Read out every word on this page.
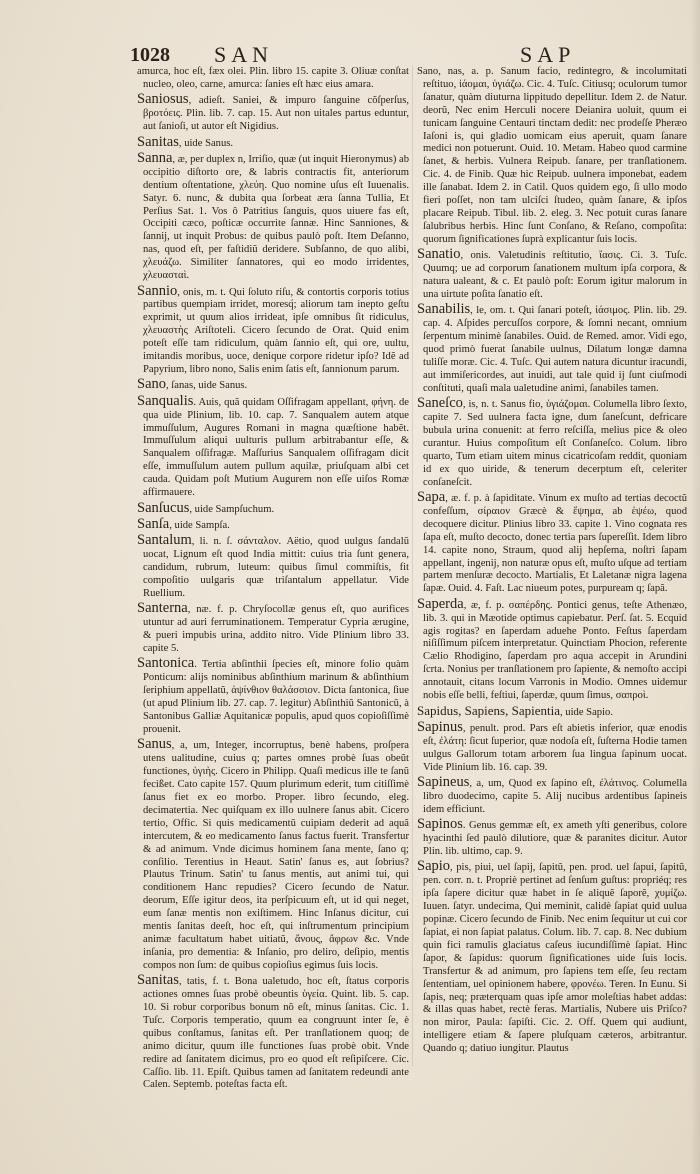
1028 SAN	SAP

amurca, hoc eſt, fæx olei. Plin. libro 15. capite 3. Oliuæ conſtat nucleo, oleo, carne, amurca: ſanies eſt hæc eius amara.

Saniosus, adieſt. Saniei, & impuro ſanguine cõſperſus, βροτόεις. Plin. lib. 7. cap. 15. Aut non uitales partus eduntur, aut ſanioſi, ut autor eſt Nigidius.

Sanitas, uide Sanus.

Sanna, æ, per duplex n, Irriſio, quæ (ut inquit Hieronymus) ab occipitio diſtorto ore, & labris contractis fit, anteriorum dentium oſtentatione, χλεύη. Quo nomine uſus eſt Iuuenalis. Satyr. 6. nunc, & dubita qua ſorbeat æra ſanna Tullia, Et Perſius Sat. 1. Vos ô Patritius ſanguis, quos uiuere fas eſt, Occipiti cæco, poſticæ occurrite ſannæ. Hinc Sanniones, & ſannij, ut inquit Probus: de quibus paulò poſt. Item Deſanno, nas, quod eſt, per faſtidiũ deridere. Subſanno, de quo alibi, χλευάζω. Similiter ſannatores, qui eo modo irridentes, χλευασταὶ.

Sannio, onis, m. t. Qui ſoluto riſu, & contortis corporis totius partibus quempiam irridet, moresq́; aliorum tam inepto geſtu exprimit, ut quum alios irrideat, ipſe omnibus ſit ridiculus, χλευαστὴς Ariſtoteli. Cicero ſecundo de Orat. Quid enim poteſt eſſe tam ridiculum, quàm ſannio eſt, qui ore, uultu, imitandis moribus, uoce, denique corpore ridetur ipſo? Idẽ ad Papyrium, libro nono, Salis enim ſatis eſt, ſannionum parum.

Sano, ſanas, uide Sanus.

Sanqualis. Auis, quã quidam Oſſifragam appellant, φήνη. de qua uide Plinium, lib. 10. cap. 7. Sanqualem autem atque immuſſulum, Augures Romani in magna quæſtione habẽt. Immuſſulum aliqui uulturis pullum arbitrabantur eſſe, & Sanqualem oſſifragæ. Maſſurius Sanqualem oſſifragam dicit eſſe, immuſſulum autem pullum aquilæ, priuſquam albi cet cauda. Quidam poſt Mutium Augurem non eſſe uiſos Romæ affirmauere.

Sanſucus, uide Sampſuchum.

Sanſa, uide Sampſa.

Santalum, li. n. ſ. σάνταλον. Aëtio, quod uulgus ſandalũ uocat, Lignum eſt quod India mittit: cuius tria ſunt genera, candidum, rubrum, luteum: quibus ſimul commiſtis, fit compoſitio uulgaris quæ triſantalum appellatur. Vide Ruellium.

Santerna, næ. f. p. Chryſocollæ genus eſt, quo aurifices utuntur ad auri ferruminationem. Temperatur Cypria ærugine, & pueri impubis urina, addito nitro. Vide Plinium libro 33. capite 5.

Santonica. Tertia abſinthii ſpecies eſt, minore folio quàm Ponticum: alijs nominibus abſinthium marinum & abſinthium ſeriphium appellatũ, ἀψίνθιον θαλάσσιον. Dicta ſantonica, ſiue (ut apud Plinium lib. 27. cap. 7. legitur) Abſinthiũ Santonicũ, à Santonibus Galliæ Aquitanicæ populis, apud quos copioſiſſimè prouenit.

Sanus, a, um, Integer, incorruptus, benè habens, proſpera utens ualitudine, cuius q; partes omnes probè ſuas obeũt functiones, ὑγιὴς. Cicero in Philipp. Quaſi medicus ille te ſanũ fecißet. Cato capite 157. Quum plurimum ederit, tum citiſſimè ſanus fiet ex eo morbo. Proper. libro ſecundo, eleg. decimatertia. Nec quiſquam ex illo uulnere ſanus abit. Cicero tertio, Offic. Si quis medicamentũ cuipiam dederit ad aquã intercutem, & eo medicamento ſanus factus fuerit. Transfertur & ad animum. Vnde dicimus hominem ſana mente, ſano q; conſilio. Terentius in Heaut. Satin' ſanus es, aut ſobrius? Plautus Trinum. Satin' tu ſanus mentis, aut animi tui, qui conditionem Hanc repudies? Cicero ſecundo de Natur. deorum, Eſſe igitur deos, ita perſpicuum eſt, ut id qui neget, eum ſanæ mentis non exiſtimem. Hinc Inſanus dicitur, cui mentis ſanitas deeſt, hoc eſt, qui inſtrumentum principium animæ facultatum habet uitiatũ, ἄνους, ἄφρων &c. Vnde inſania, pro dementia: & Inſanio, pro deliro, deſipio, mentis compos non ſum: de quibus copioſius egimus ſuis locis.

Sanitas, tatis, f. t. Bona ualetudo, hoc eſt, ſtatus corporis actiones omnes ſuas probè obeuntis ὑγεία. Quint. lib. 5. cap. 10. Si robur corporibus bonum nõ eſt, minus ſanitas. Cic. 1. Tuſc. Corporis temperatio, quum ea congruunt inter ſe, è quibus conſtamus, ſanitas eſt. Per tranſlationem quoq; de animo dicitur, quum ille functiones ſuas probè obit. Vnde redire ad ſanitatem dicimus, pro eo quod eſt reſipiſcere. Cic. Caſſio. lib. 11. Epiſt. Quibus tamen ad ſanitatem redeundi ante Calen. Septemb. poteſtas facta eſt.

Sano, nas, a. p. Sanum facio, redintegro, & incolumitati reſtituo, ἰάομαι, ὑγιάζω. Cic. 4. Tuſc. Citiusq; oculorum tumor ſanatur, quàm diuturna lippitudo depellitur. Idem 2. de Natur. deorũ, Nec enim Herculi nocere Deianira uoluit, quum ei tunicam ſanguine Centauri tinctam dedit: nec prodeſſe Pheræo Iaſoni is, qui gladio uomicam eius aperuit, quam ſanare medici non potuerunt. Ouid. 10. Metam. Habeo quod carmine ſanet, & herbis. Vulnera Reipub. ſanare, per tranſlationem. Cic. 4. de Finib. Quæ hic Reipub. uulnera imponebat, eadem ille ſanabat. Idem 2. in Catil. Quos quidem ego, ſi ullo modo fieri poſſet, non tam ulciſci ſtudeo, quàm ſanare, & ipſos placare Reipub. Tibul. lib. 2. eleg. 3. Nec potuit curas ſanare ſalubribus herbis. Hinc ſunt Conſano, & Reſano, compoſita: quorum ſignificationes ſuprà explicantur ſuis locis.

Sanatio, onis. Valetudinis reſtitutio, ἴασις. Ci. 3. Tuſc. Quumq; ue ad corporum ſanationem multum ipſa corpora, & natura ualeant, & c. Et paulò poſt: Eorum igitur malorum in una uirtute poſita ſanatio eſt.

Sanabilis, le, om. t. Qui ſanari poteſt, ἰάσιμος. Plin. lib. 29. cap. 4. Aſpides percuſſos corpore, & ſomni necant, omnium ſerpentum minimè ſanabiles. Ouid. de Remed. amor. Vidi ego, quod primò fuerat ſanabile uulnus, Dilatum longæ damna tuliſſe moræ. Cic. 4. Tuſc. Qui autem natura dicuntur iracundi, aut immiſericordes, aut inuidi, aut tale quid ij ſunt ciuſmodi conſtituti, quaſi mala ualetudine animi, ſanabiles tamen.

Saneſco, is, n. t. Sanus fio, ὑγιάζομαι. Columella libro ſexto, capite 7. Sed uulnera facta igne, dum ſaneſcunt, defricare bubula urina conuenit: at ferro reſciſſa, melius pice & oleo curantur. Huius compoſitum eſt Conſaneſco. Colum. libro quarto, Tum etiam uitem minus cicatricoſam reddit, quoniam id ex quo uiride, & tenerum decerptum eſt, celeriter conſaneſcit.

Sapa, æ. f. p. à ſapiditate. Vinum ex muſto ad tertias decoctũ confeſſum, σίραιον Græcè & ἕψημα, ab ἑψέω, quod decoquere dicitur. Plinius libro 33. capite 1. Vino cognata res ſapa eſt, muſto decocto, donec tertia pars ſupereſſit. Idem libro 14. capite nono, Straum, quod alij hepſema, noſtri ſapam appellant, ingenij, non naturæ opus eſt, muſto uſque ad tertiam partem menſuræ decocto. Martialis, Et Laletanæ nigra lagena ſapæ. Ouid. 4. Faſt. Lac niueum potes, purpuream q; ſapã.

Saperda, æ, f. p. σαπέρδης. Pontici genus, teſte Athenæo, lib. 3. qui in Mæotide optimus capiebatur. Perſ. ſat. 5. Ecquid agis rogitas? en ſaperdam aduehe Ponto. Feſtus ſaperdam niſiſſimum piſcem interpretatur. Quinctiam Phocion, referente Cælio Rhodigino, ſaperdam pro aqua accepit in Arundini ſcrta. Nonius per tranſlationem pro ſapiente, & nemoſto accipi annotauit, citans locum Varronis in Modio. Omnes uidemur nobis eſſe belli, feſtiui, ſaperdæ, quum ſimus, σαπροὶ.

Sapidus, Sapiens, Sapientia, uide Sapio.

Sapinus, penult. prod. Pars eſt abietis inferior, quæ enodis eſt, ἐλάτη: ſicut ſuperior, quæ nodoſa eſt, ſuſterna Hodie tamen uulgus Gallorum totam arborem ſua lingua ſapinum uocat. Vide Plinium lib. 16. cap. 39.

Sapineus, a, um, Quod ex ſapino eſt, ἐλάτινος. Columella libro duodecimo, capite 5. Alij nucibus ardentibus ſapineis idem efficiunt.

Sapinos. Genus gemmæ eſt, ex ameth yſti generibus, colore hyacinthi ſed paulò dilutiore, quæ & paranites dicitur. Autor Plin. lib. ultimo, cap. 9.

Sapio, pis, piui, uel ſapij, ſapitũ, pen. prod. uel ſapui, ſapitũ, pen. corr. n. t. Propriè pertinet ad ſenſum guſtus: propriéq; res ipſa ſapere dicitur quæ habet in ſe aliquẽ ſaporẽ, χυμίζω. Iuuen. ſatyr. undecima, Qui meminit, calidè ſapiat quid uulua popinæ. Cicero ſecundo de Finib. Nec enim ſequitur ut cui cor ſapiat, ei non ſapiat palatus. Colum. lib. 7. cap. 8. Nec dubium quin fici ramulis glaciatus caſeus iucundiſſimè ſapiat. Hinc ſapor, & ſapidus: quorum ſignificationes uide ſuis locis. Transfertur & ad animum, pro ſapiens tem eſſe, ſeu rectam ſententiam, uel opinionem habere, φρονέω. Teren. In Eunu. Si ſapis, neq; præterquam quas ipſe amor moleſtias habet addas: & illas quas habet, rectè feras. Martialis, Nubere uis Priſco? non miror, Paula: ſapiſti. Cic. 2. Off. Quem qui audiunt, intelligere etiam & ſapere pluſquam cæteros, arbitrantur. Quando q; datiuo iungitur. Plautus
